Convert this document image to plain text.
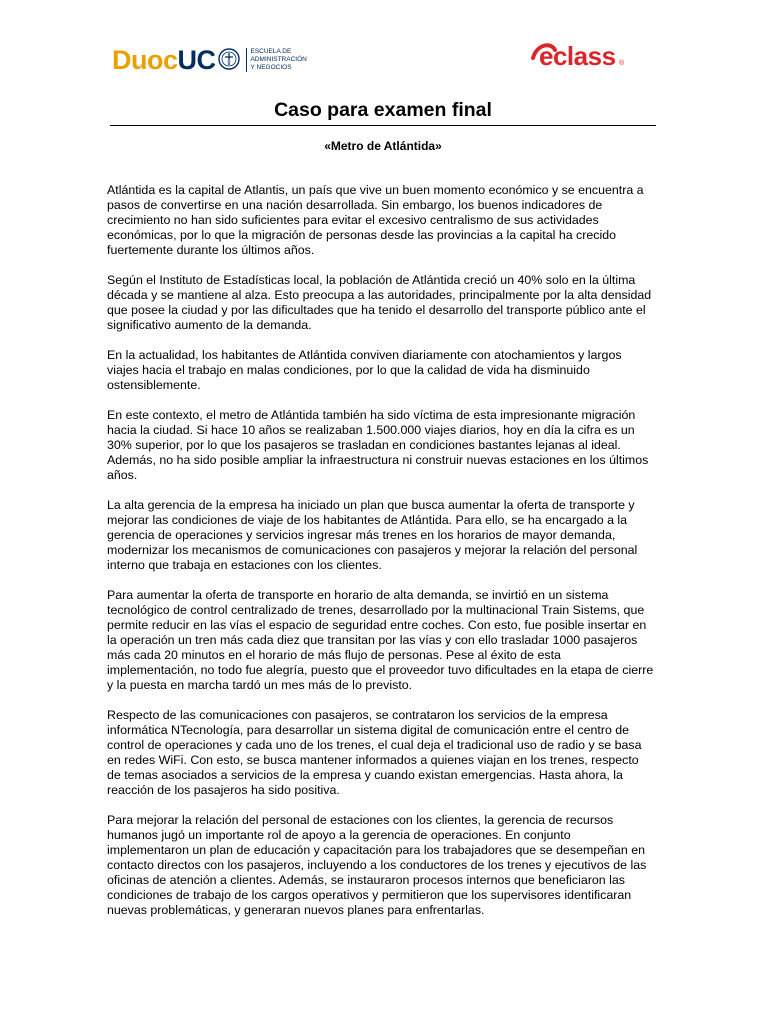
DuocUC	ESCUELA DE
ADMINISTRACIÓN
Y NEGOCIOS	eclass ®
Caso para examen final
«Metro de Atlántida»

Atlántida es la capital de Atlantis, un país que vive un buen momento económico y se encuentra a
pasos de convertirse en una nación desarrollada. Sin embargo, los buenos indicadores de
crecimiento no han sido suficientes para evitar el excesivo centralismo de sus actividades
económicas, por lo que la migración de personas desde las provincias a la capital ha crecido
fuertemente durante los últimos años.

Según el Instituto de Estadísticas local, la población de Atlántida creció un 40% solo en la última
década y se mantiene al alza. Esto preocupa a las autoridades, principalmente por la alta densidad
que posee la ciudad y por las dificultades que ha tenido el desarrollo del transporte público ante el
significativo aumento de la demanda.

En la actualidad, los habitantes de Atlántida conviven diariamente con atochamientos y largos
viajes hacia el trabajo en malas condiciones, por lo que la calidad de vida ha disminuido
ostensiblemente.

En este contexto, el metro de Atlántida también ha sido víctima de esta impresionante migración
hacia la ciudad. Si hace 10 años se realizaban 1.500.000 viajes diarios, hoy en día la cifra es un
30% superior, por lo que los pasajeros se trasladan en condiciones bastantes lejanas al ideal.
Además, no ha sido posible ampliar la infraestructura ni construir nuevas estaciones en los últimos
años.

La alta gerencia de la empresa ha iniciado un plan que busca aumentar la oferta de transporte y
mejorar las condiciones de viaje de los habitantes de Atlántida. Para ello, se ha encargado a la
gerencia de operaciones y servicios ingresar más trenes en los horarios de mayor demanda,
modernizar los mecanismos de comunicaciones con pasajeros y mejorar la relación del personal
interno que trabaja en estaciones con los clientes.

Para aumentar la oferta de transporte en horario de alta demanda, se invirtió en un sistema
tecnológico de control centralizado de trenes, desarrollado por la multinacional Train Sistems, que
permite reducir en las vías el espacio de seguridad entre coches. Con esto, fue posible insertar en
la operación un tren más cada diez que transitan por las vías y con ello trasladar 1000 pasajeros
más cada 20 minutos en el horario de más flujo de personas. Pese al éxito de esta
implementación, no todo fue alegría, puesto que el proveedor tuvo dificultades en la etapa de cierre
y la puesta en marcha tardó un mes más de lo previsto.

Respecto de las comunicaciones con pasajeros, se contrataron los servicios de la empresa
informática NTecnología, para desarrollar un sistema digital de comunicación entre el centro de
control de operaciones y cada uno de los trenes, el cual deja el tradicional uso de radio y se basa
en redes WiFi. Con esto, se busca mantener informados a quienes viajan en los trenes, respecto
de temas asociados a servicios de la empresa y cuando existan emergencias. Hasta ahora, la
reacción de los pasajeros ha sido positiva.

Para mejorar la relación del personal de estaciones con los clientes, la gerencia de recursos
humanos jugó un importante rol de apoyo a la gerencia de operaciones. En conjunto
implementaron un plan de educación y capacitación para los trabajadores que se desempeñan en
contacto directos con los pasajeros, incluyendo a los conductores de los trenes y ejecutivos de las
oficinas de atención a clientes. Además, se instauraron procesos internos que beneficiaron las
condiciones de trabajo de los cargos operativos y permitieron que los supervisores identificaran
nuevas problemáticas, y generaran nuevos planes para enfrentarlas.
